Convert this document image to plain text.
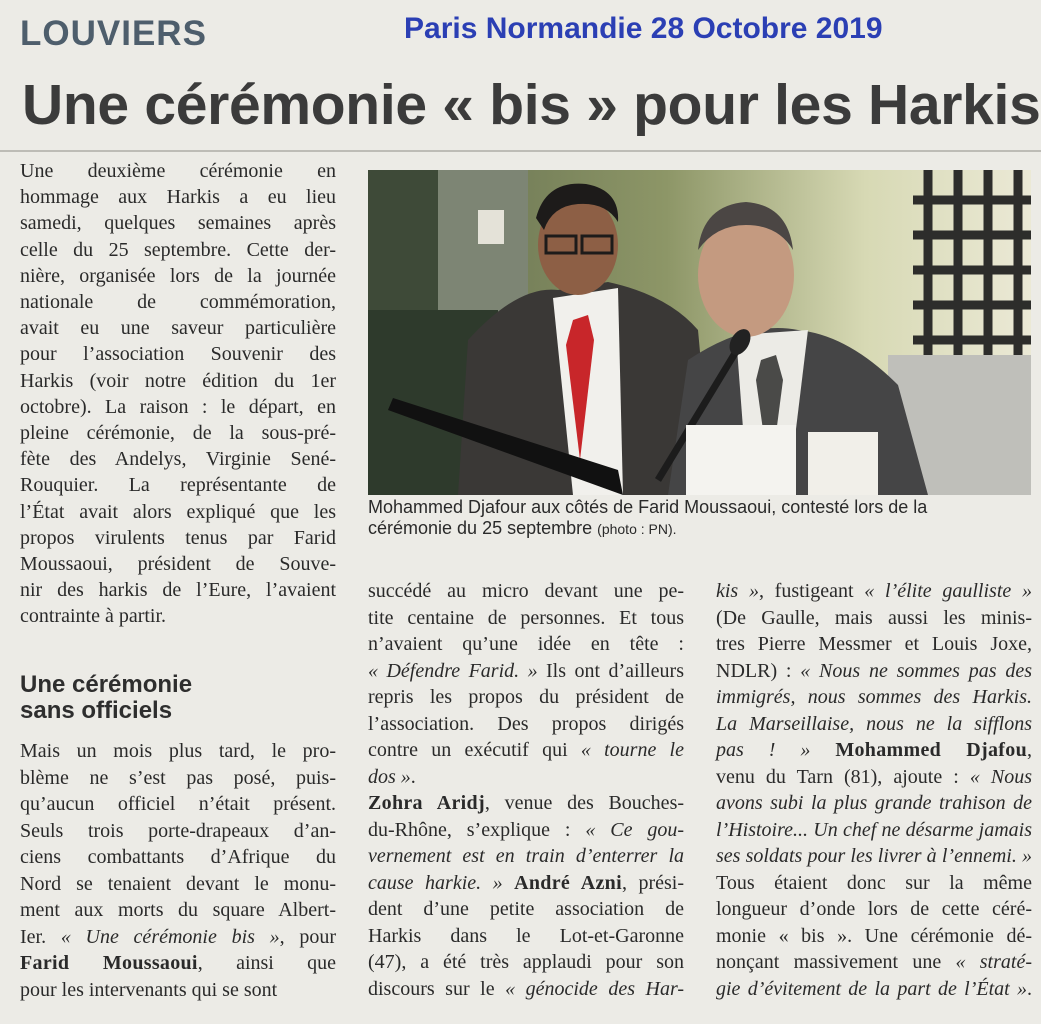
LOUVIERS	Paris Normandie 28 Octobre 2019
Une cérémonie « bis » pour les Harkis
Une deuxième cérémonie en
hommage aux Harkis a eu lieu
samedi, quelques semaines après
celle du 25 septembre. Cette der-
nière, organisée lors de la journée
nationale de commémoration,
avait eu une saveur particulière
pour l’association Souvenir des
Harkis (voir notre édition du 1er
octobre). La raison : le départ, en
pleine cérémonie, de la sous-pré-
fète des Andelys, Virginie Sené-
Rouquier. La représentante de
l’État avait alors expliqué que les
propos virulents tenus par Farid
Moussaoui, président de Souve-
nir des harkis de l’Eure, l’avaient
contrainte à partir.
Une cérémonie
sans officiels
Mais un mois plus tard, le pro-
blème ne s’est pas posé, puis-
qu’aucun officiel n’était présent.
Seuls trois porte-drapeaux d’an-
ciens combattants d’Afrique du
Nord se tenaient devant le monu-
ment aux morts du square Albert-
Ier. « Une cérémonie bis », pour
Farid Moussaoui, ainsi que
pour les intervenants qui se sont
Mohammed Djafour aux côtés de Farid Moussaoui, contesté lors de la
cérémonie du 25 septembre (photo : PN).
succédé au micro devant une pe-
tite centaine de personnes. Et tous
n’avaient qu’une idée en tête :
« Défendre Farid. » Ils ont d’ailleurs
repris les propos du président de
l’association. Des propos dirigés
contre un exécutif qui « tourne le
dos ».
Zohra Aridj, venue des Bouches-
du-Rhône, s’explique : « Ce gou-
vernement est en train d’enterrer la
cause harkie. » André Azni, prési-
dent d’une petite association de
Harkis dans le Lot-et-Garonne
(47), a été très applaudi pour son
discours sur le « génocide des Har-
kis », fustigeant « l’élite gaulliste »
(De Gaulle, mais aussi les minis-
tres Pierre Messmer et Louis Joxe,
NDLR) : « Nous ne sommes pas des
immigrés, nous sommes des Harkis.
La Marseillaise, nous ne la sifflons
pas ! » Mohammed Djafou,
venu du Tarn (81), ajoute : « Nous
avons subi la plus grande trahison de
l’Histoire... Un chef ne désarme jamais
ses soldats pour les livrer à l’ennemi. »
Tous étaient donc sur la même
longueur d’onde lors de cette céré-
monie « bis ». Une cérémonie dé-
nonçant massivement une « straté-
gie d’évitement de la part de l’État ».
